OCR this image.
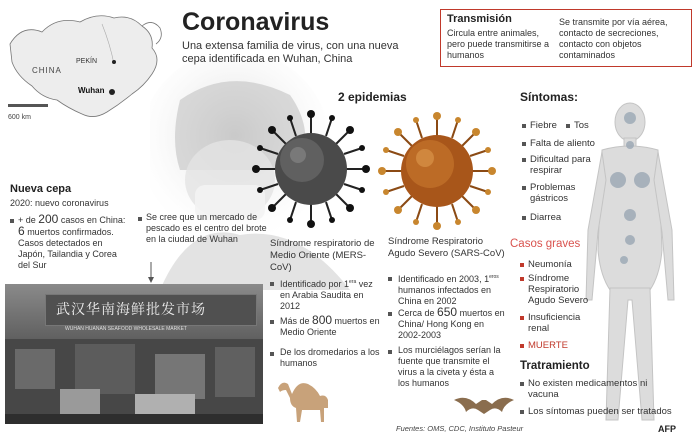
CHINA
PEKÍN
Wuhan
600 km
Coronavirus
Una extensa familia de virus, con una nueva cepa identificada en Wuhan, China
Transmisión
Circula entre animales, pero puede transmitirse a humanos
Se transmite por vía aérea, contacto de secreciones, contacto con objetos contaminados
Nueva cepa
2020: nuevo coronavirus
+ de 200 casos en China: 6 muertos confirmados. Casos detectados en Japón, Tailandia y Corea del Sur
Se cree que un mercado de pescado es el centro del brote en la ciudad de Wuhan
武汉华南海鲜批发市场
WUHAN HUANAN SEAFOOD WHOLESALE MARKET
2 epidemias
Síndrome respiratorio de Medio Oriente (MERS-CoV)
Identificado por $1^{era}$ vez en Arabia Saudita en 2012
Más de 800 muertos en Medio Oriente
De los dromedarios a los humanos
Síndrome Respiratorio Agudo Severo (SARS-CoV)
Identificado en 2003, $1^{eros}$ humanos infectados en China en 2002
Cerca de 650 muertos en China/ Hong Kong en 2002-2003
Los murciélagos serían la fuente que transmite el virus a la civeta y ésta a los humanos
Síntomas:
Fiebre Tos
Falta de aliento
Dificultad para respirar
Problemas gástricos
Diarrea
Casos graves
Neumonía
Síndrome Respiratorio Agudo Severo
Insuficiencia renal
MUERTE
Tratramiento
No existen medicamentos ni vacuna
Los síntomas pueden ser tratados
Fuentes: OMS, CDC, Instituto Pasteur	AFP
